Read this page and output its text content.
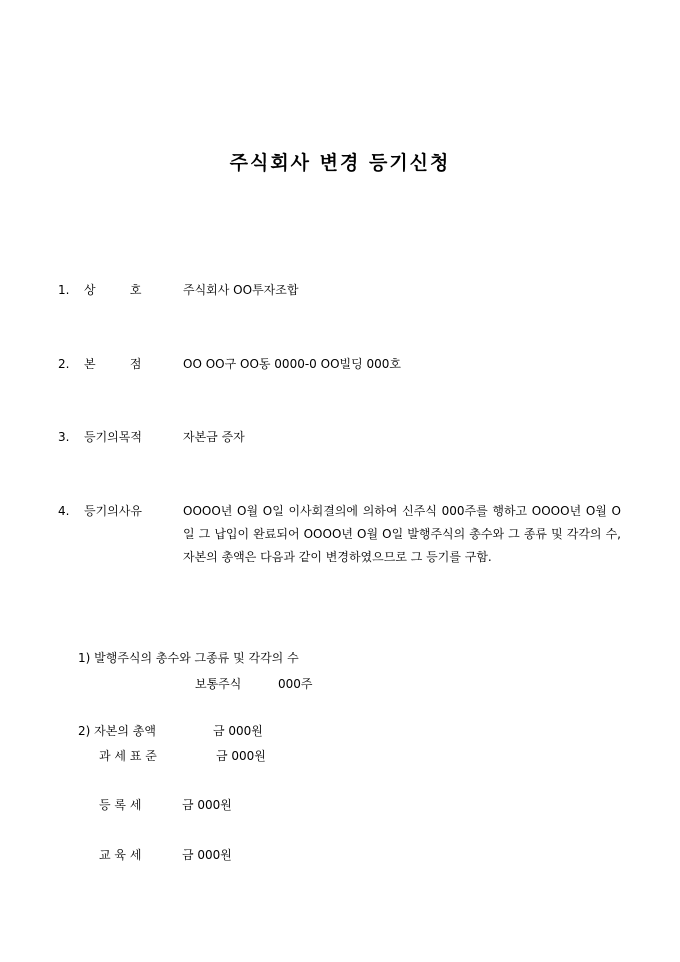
주식회사 변경 등기신청
1. 상         호	주식회사 OO투자조합
2. 본         점	OO OO구 OO동 0000-0 OO빌딩 000호
3. 등기의목적	자본금 증자
4. 등기의사유	OOOO년 O월 O일 이사회결의에 의하여 신주식 000주를 행하고 OOOO년 O월 O일 그 납입이 완료되어 OOOO년 O월 O일 발행주식의 총수와 그 종류 및 각각의 수, 자본의 총액은 다음과 같이 변경하였으므로 그 등기를 구함.
1) 발행주식의 총수와 그종류 및 각각의 수
보통주식	000주
2) 자본의 총액	금 000원
과 세 표 준	금 000원
등 록 세	금 000원
교 육 세	금 000원
